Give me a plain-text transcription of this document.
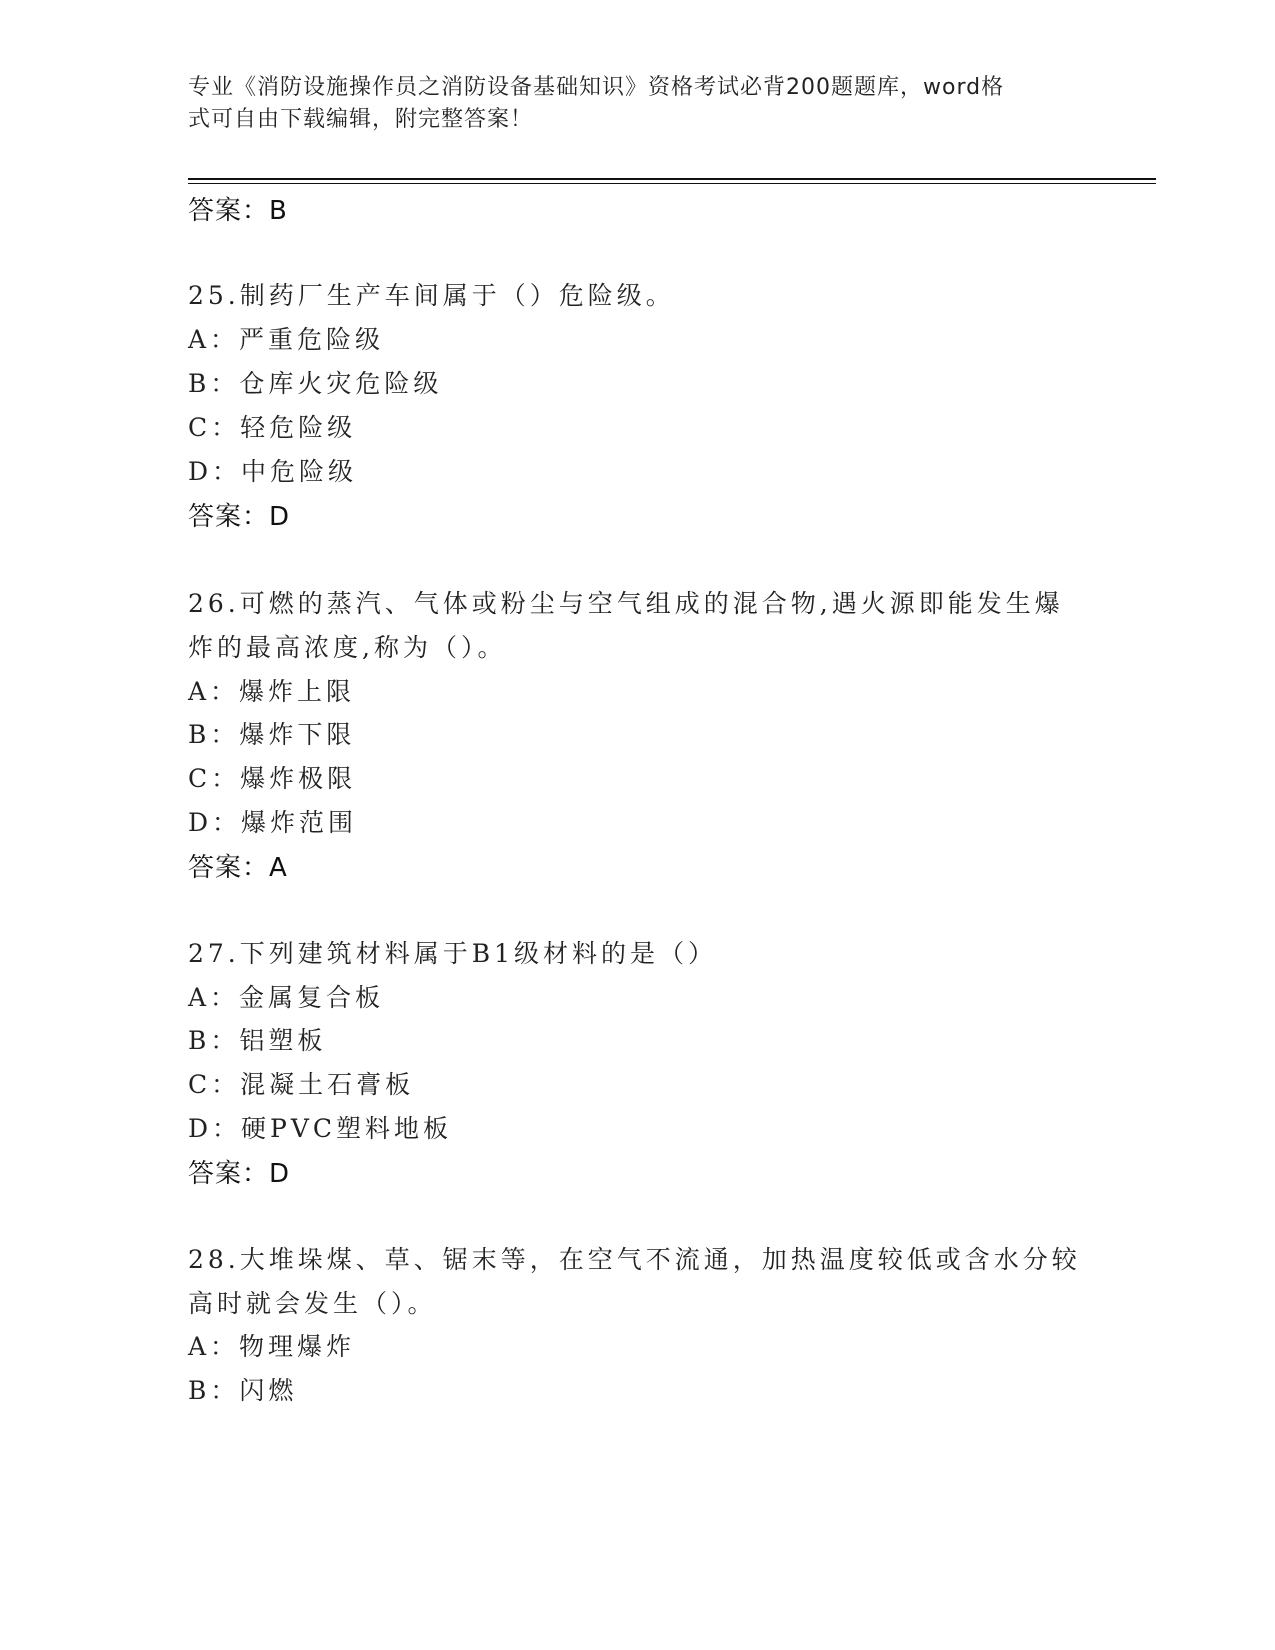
专业《消防设施操作员之消防设备基础知识》资格考试必背200题题库，word格
式可自由下载编辑，附完整答案！
答案：B
25.制药厂生产车间属于（）危险级。
A：严重危险级
B：仓库火灾危险级
C：轻危险级
D：中危险级
答案：D
26.可燃的蒸汽、气体或粉尘与空气组成的混合物,遇火源即能发生爆
炸的最高浓度,称为（）。
A：爆炸上限
B：爆炸下限
C：爆炸极限
D：爆炸范围
答案：A
27.下列建筑材料属于B1级材料的是（）
A：金属复合板
B：铝塑板
C：混凝土石膏板
D：硬PVC塑料地板
答案：D
28.大堆垛煤、草、锯末等，在空气不流通，加热温度较低或含水分较
高时就会发生（）。
A：物理爆炸
B：闪燃
